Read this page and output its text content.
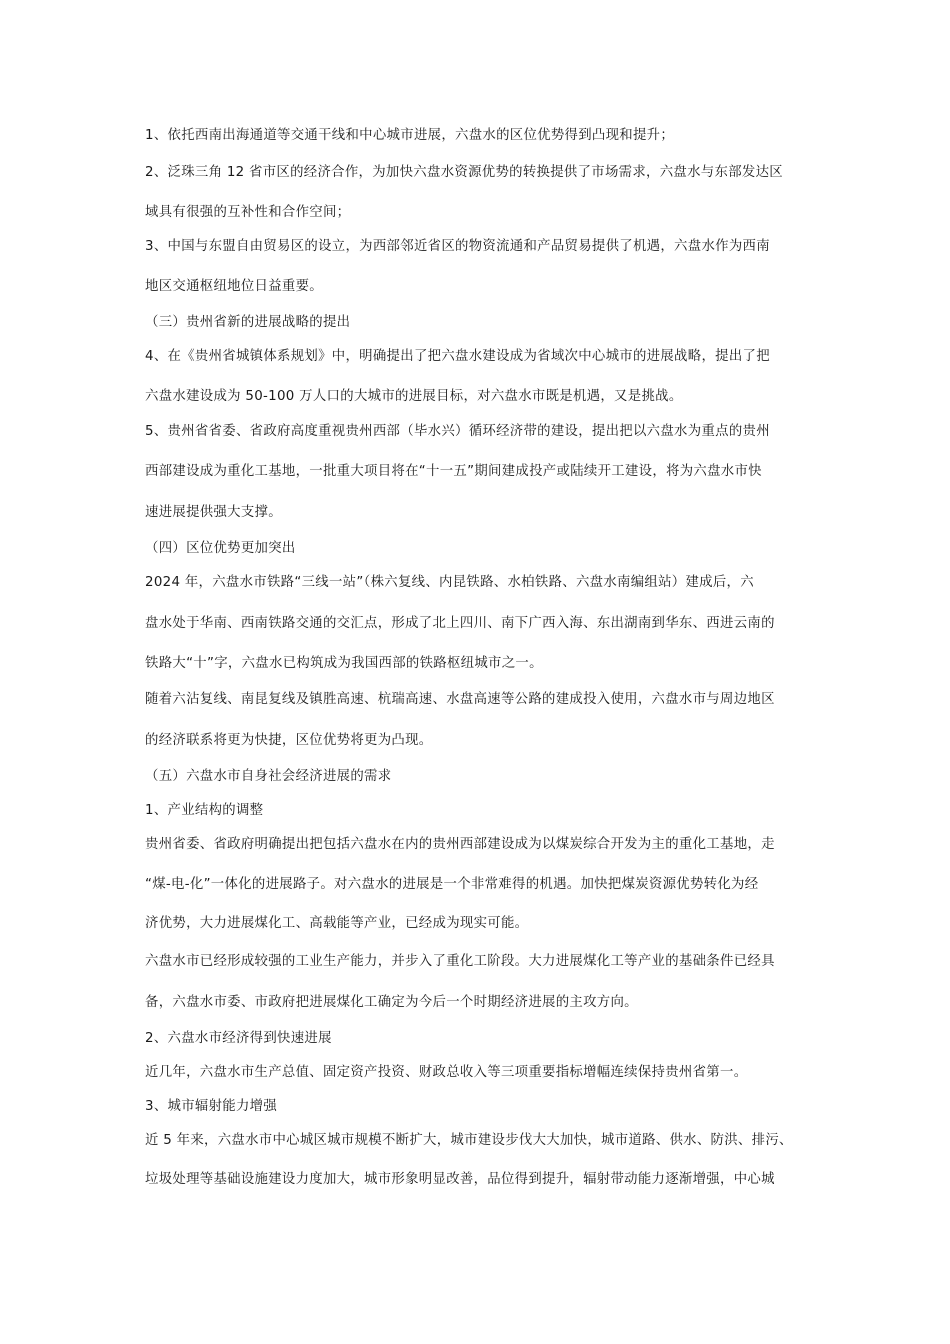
1、依托西南出海通道等交通干线和中心城市进展，六盘水的区位优势得到凸现和提升；
2、泛珠三角 12 省市区的经济合作，为加快六盘水资源优势的转换提供了市场需求，六盘水与东部发达区
域具有很强的互补性和合作空间；
3、中国与东盟自由贸易区的设立，为西部邻近省区的物资流通和产品贸易提供了机遇，六盘水作为西南
地区交通枢纽地位日益重要。
（三）贵州省新的进展战略的提出
4、在《贵州省城镇体系规划》中，明确提出了把六盘水建设成为省域次中心城市的进展战略，提出了把
六盘水建设成为 50-100 万人口的大城市的进展目标，对六盘水市既是机遇，又是挑战。
5、贵州省省委、省政府高度重视贵州西部（毕水兴）循环经济带的建设，提出把以六盘水为重点的贵州
西部建设成为重化工基地，一批重大项目将在“十一五”期间建成投产或陆续开工建设，将为六盘水市快
速进展提供强大支撑。
（四）区位优势更加突出
2024 年，六盘水市铁路“三线一站”（株六复线、内昆铁路、水柏铁路、六盘水南编组站）建成后，六
盘水处于华南、西南铁路交通的交汇点，形成了北上四川、南下广西入海、东出湖南到华东、西进云南的
铁路大“十”字，六盘水已构筑成为我国西部的铁路枢纽城市之一。
随着六沾复线、南昆复线及镇胜高速、杭瑞高速、水盘高速等公路的建成投入使用，六盘水市与周边地区
的经济联系将更为快捷，区位优势将更为凸现。
（五）六盘水市自身社会经济进展的需求
1、产业结构的调整
贵州省委、省政府明确提出把包括六盘水在内的贵州西部建设成为以煤炭综合开发为主的重化工基地，走
“煤-电-化”一体化的进展路子。对六盘水的进展是一个非常难得的机遇。加快把煤炭资源优势转化为经
济优势，大力进展煤化工、高载能等产业，已经成为现实可能。
六盘水市已经形成较强的工业生产能力，并步入了重化工阶段。大力进展煤化工等产业的基础条件已经具
备，六盘水市委、市政府把进展煤化工确定为今后一个时期经济进展的主攻方向。
2、六盘水市经济得到快速进展
近几年，六盘水市生产总值、固定资产投资、财政总收入等三项重要指标增幅连续保持贵州省第一。
3、城市辐射能力增强
近 5 年来，六盘水市中心城区城市规模不断扩大，城市建设步伐大大加快，城市道路、供水、防洪、排污、
垃圾处理等基础设施建设力度加大，城市形象明显改善，品位得到提升，辐射带动能力逐渐增强，中心城
